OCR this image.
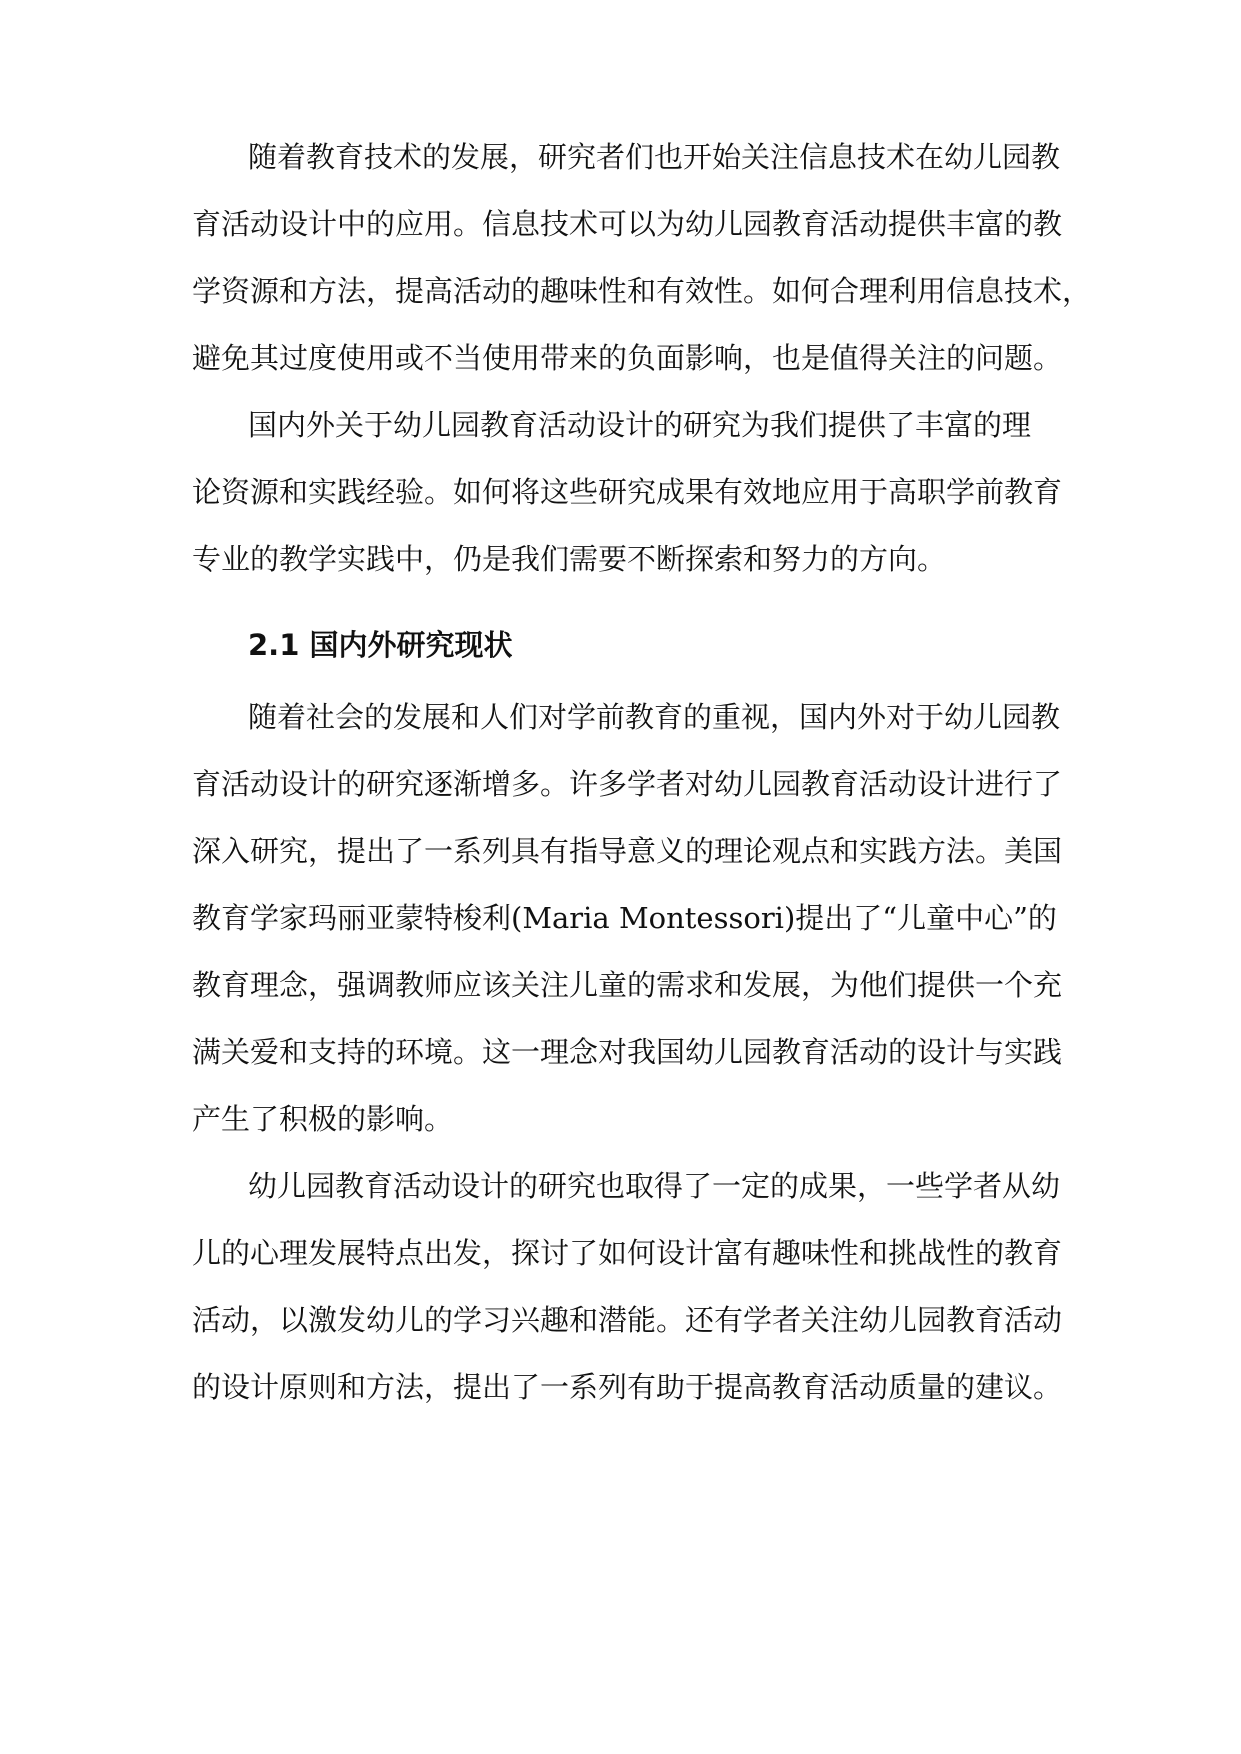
随着教育技术的发展，研究者们也开始关注信息技术在幼儿园教
育活动设计中的应用。信息技术可以为幼儿园教育活动提供丰富的教
学资源和方法，提高活动的趣味性和有效性。如何合理利用信息技术，
避免其过度使用或不当使用带来的负面影响，也是值得关注的问题。
国内外关于幼儿园教育活动设计的研究为我们提供了丰富的理
论资源和实践经验。如何将这些研究成果有效地应用于高职学前教育
专业的教学实践中，仍是我们需要不断探索和努力的方向。
2.1 国内外研究现状
随着社会的发展和人们对学前教育的重视，国内外对于幼儿园教
育活动设计的研究逐渐增多。许多学者对幼儿园教育活动设计进行了
深入研究，提出了一系列具有指导意义的理论观点和实践方法。美国
教育学家玛丽亚蒙特梭利(Maria Montessori)提出了“儿童中心”的
教育理念，强调教师应该关注儿童的需求和发展，为他们提供一个充
满关爱和支持的环境。这一理念对我国幼儿园教育活动的设计与实践
产生了积极的影响。
幼儿园教育活动设计的研究也取得了一定的成果，一些学者从幼
儿的心理发展特点出发，探讨了如何设计富有趣味性和挑战性的教育
活动，以激发幼儿的学习兴趣和潜能。还有学者关注幼儿园教育活动
的设计原则和方法，提出了一系列有助于提高教育活动质量的建议。
